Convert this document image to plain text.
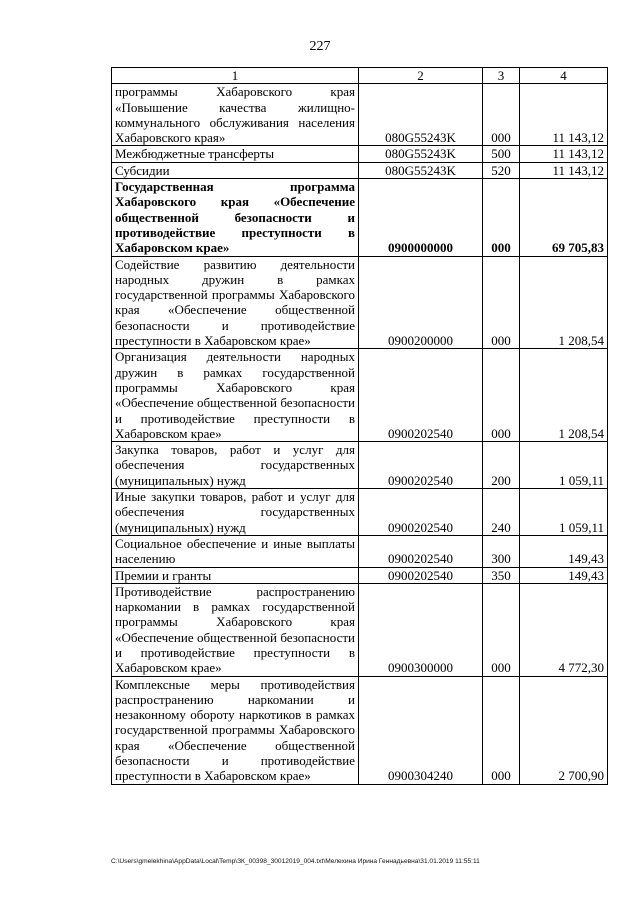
227
1	2	3	4
программы Хабаровского края «Повышение качества жилищно-коммунального обслуживания населения Хабаровского края»	080G55243K	000	11 143,12
Межбюджетные трансферты	080G55243K	500	11 143,12
Субсидии	080G55243K	520	11 143,12
Государственная программа Хабаровского края «Обеспечение общественной безопасности и противодействие преступности в Хабаровском крае»	0900000000	000	69 705,83
Содействие развитию деятельности народных дружин в рамках государственной программы Хабаровского края «Обеспечение общественной безопасности и противодействие преступности в Хабаровском крае»	0900200000	000	1 208,54
Организация деятельности народных дружин в рамках государственной программы Хабаровского края «Обеспечение общественной безопасности и противодействие преступности в Хабаровском крае»	0900202540	000	1 208,54
Закупка товаров, работ и услуг для обеспечения государственных (муниципальных) нужд	0900202540	200	1 059,11
Иные закупки товаров, работ и услуг для обеспечения государственных (муниципальных) нужд	0900202540	240	1 059,11
Социальное обеспечение и иные выплаты населению	0900202540	300	149,43
Премии и гранты	0900202540	350	149,43
Противодействие распространению наркомании в рамках государственной программы Хабаровского края «Обеспечение общественной безопасности и противодействие преступности в Хабаровском крае»	0900300000	000	4 772,30
Комплексные меры противодействия распространению наркомании и незаконному обороту наркотиков в рамках государственной программы Хабаровского края «Обеспечение общественной безопасности и противодействие преступности в Хабаровском крае»	0900304240	000	2 700,90
C:\Users\gmelekhina\AppData\Local\Temp\ЗК_00398_30012019_004.txt\Мелехина Ирина Геннадьевна\31.01.2019 11:55:11
